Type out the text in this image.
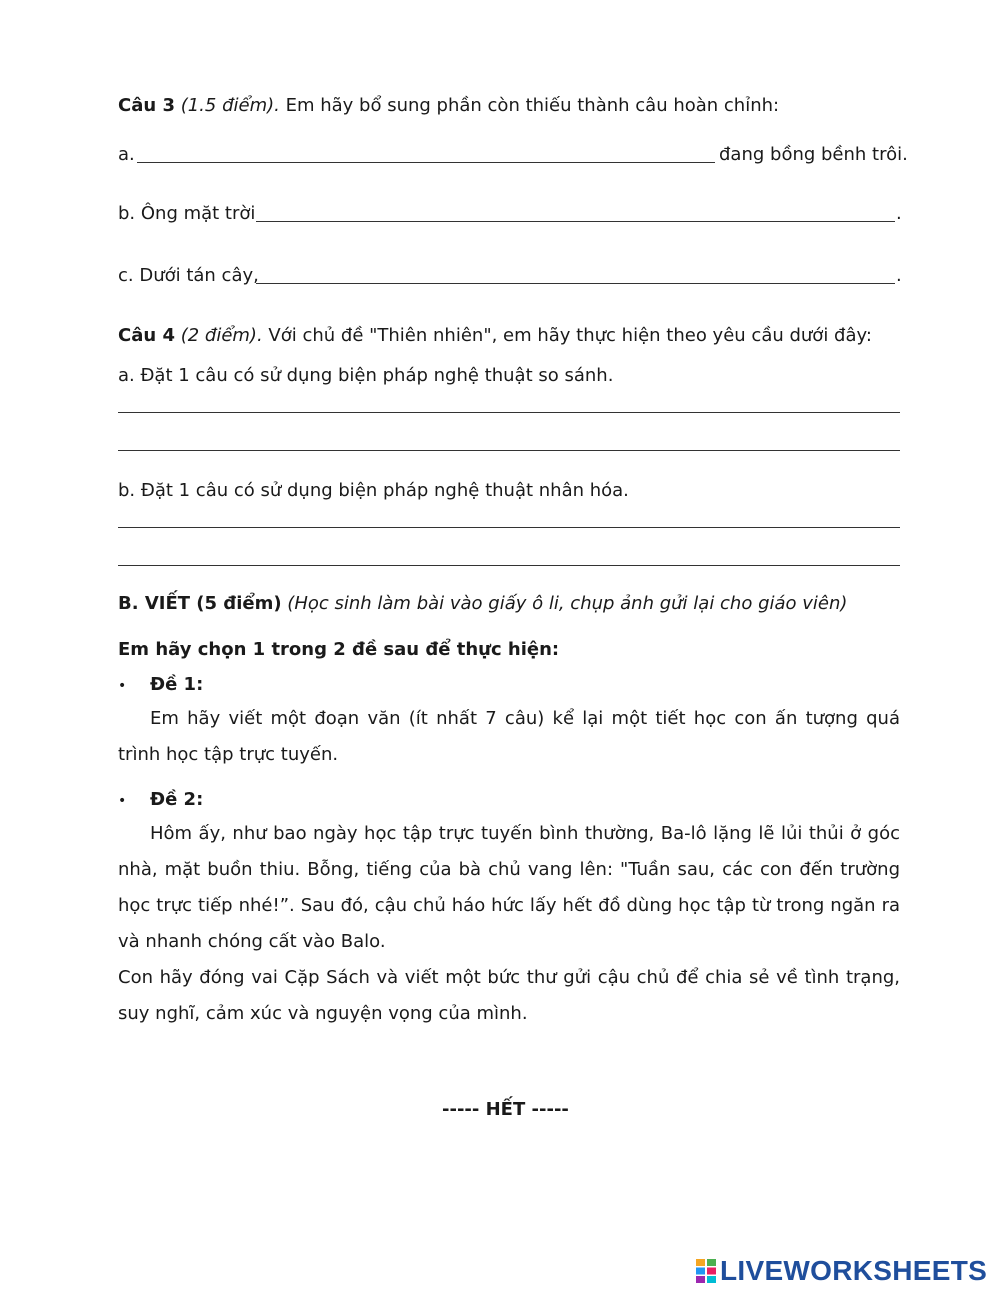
Câu 3 (1.5 điểm). Em hãy bổ sung phần còn thiếu thành câu hoàn chỉnh:
a.	đang bồng bềnh trôi.
b. Ông mặt trời	.
c. Dưới tán cây,	.
Câu 4 (2 điểm). Với chủ đề "Thiên nhiên", em hãy thực hiện theo yêu cầu dưới đây:
a. Đặt 1 câu có sử dụng biện pháp nghệ thuật so sánh.
b. Đặt 1 câu có sử dụng biện pháp nghệ thuật nhân hóa.
B. VIẾT (5 điểm) (Học sinh làm bài vào giấy ô li, chụp ảnh gửi lại cho giáo viên)
Em hãy chọn 1 trong 2 đề sau để thực hiện:
• Đề 1:
Em hãy viết một đoạn văn (ít nhất 7 câu) kể lại một tiết học con ấn tượng quá trình học tập trực tuyến.
• Đề 2:
Hôm ấy, như bao ngày học tập trực tuyến bình thường, Ba-lô lặng lẽ lủi thủi ở góc nhà, mặt buồn thiu. Bỗng, tiếng của bà chủ vang lên: "Tuần sau, các con đến trường học trực tiếp nhé!”. Sau đó, cậu chủ háo hức lấy hết đồ dùng học tập từ trong ngăn ra và nhanh chóng cất vào Balo.
Con hãy đóng vai Cặp Sách và viết một bức thư gửi cậu chủ để chia sẻ về tình trạng, suy nghĩ, cảm xúc và nguyện vọng của mình.
----- HẾT -----
LIVEWORKSHEETS
